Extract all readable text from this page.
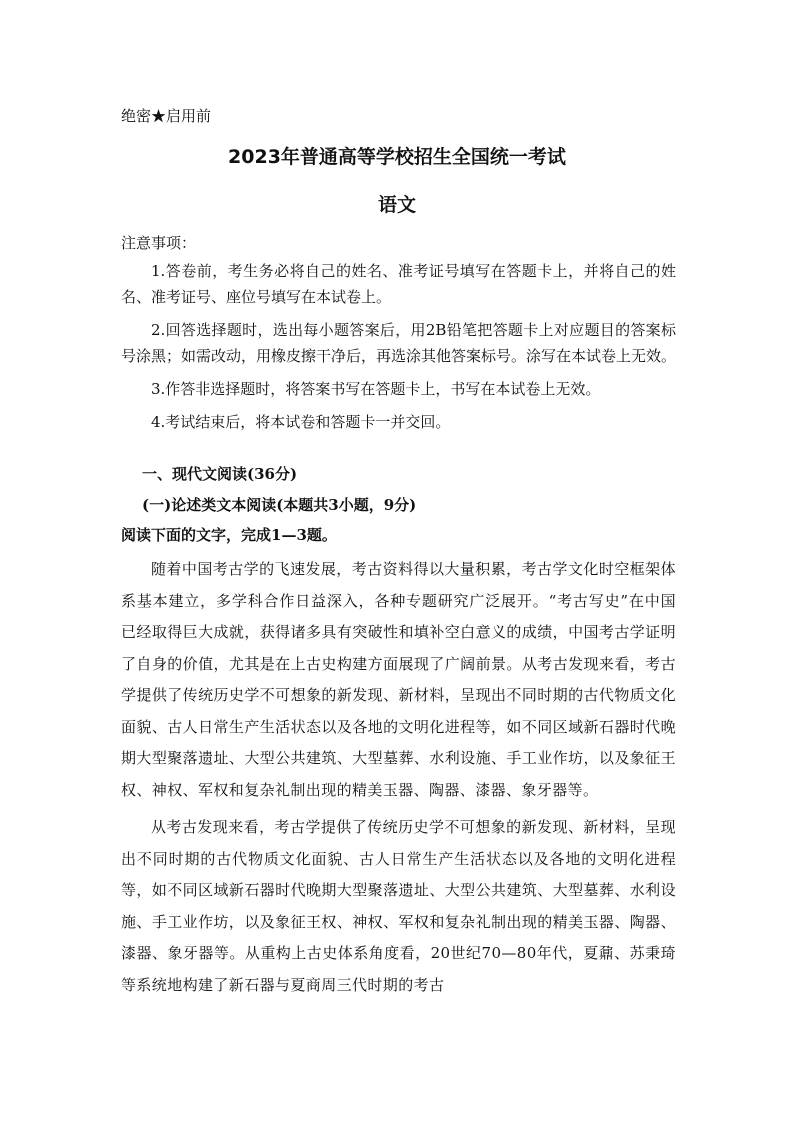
绝密★启用前
2023年普通高等学校招生全国统一考试
语文
注意事项：
1.答卷前，考生务必将自己的姓名、准考证号填写在答题卡上，并将自己的姓名、准考证号、座位号填写在本试卷上。
2.回答选择题时，选出每小题答案后，用2B铅笔把答题卡上对应题目的答案标号涂黑；如需改动，用橡皮擦干净后，再选涂其他答案标号。涂写在本试卷上无效。
3.作答非选择题时，将答案书写在答题卡上，书写在本试卷上无效。
4.考试结束后，将本试卷和答题卡一并交回。
一、现代文阅读(36分)
(一)论述类文本阅读(本题共3小题，9分)
阅读下面的文字，完成1—3题。

随着中国考古学的飞速发展，考古资料得以大量积累，考古学文化时空框架体系基本建立，多学科合作日益深入，各种专题研究广泛展开。“考古写史”在中国已经取得巨大成就，获得诸多具有突破性和填补空白意义的成绩，中国考古学证明了自身的价值，尤其是在上古史构建方面展现了广阔前景。从考古发现来看，考古学提供了传统历史学不可想象的新发现、新材料，呈现出不同时期的古代物质文化面貌、古人日常生产生活状态以及各地的文明化进程等，如不同区域新石器时代晚期大型聚落遗址、大型公共建筑、大型墓葬、水利设施、手工业作坊，以及象征王权、神权、军权和复杂礼制出现的精美玉器、陶器、漆器、象牙器等。

从考古发现来看，考古学提供了传统历史学不可想象的新发现、新材料，呈现出不同时期的古代物质文化面貌、古人日常生产生活状态以及各地的文明化进程等，如不同区域新石器时代晚期大型聚落遗址、大型公共建筑、大型墓葬、水利设施、手工业作坊，以及象征王权、神权、军权和复杂礼制出现的精美玉器、陶器、漆器、象牙器等。从重构上古史体系角度看，20世纪70—80年代，夏鼐、苏秉琦等系统地构建了新石器与夏商周三代时期的考古
